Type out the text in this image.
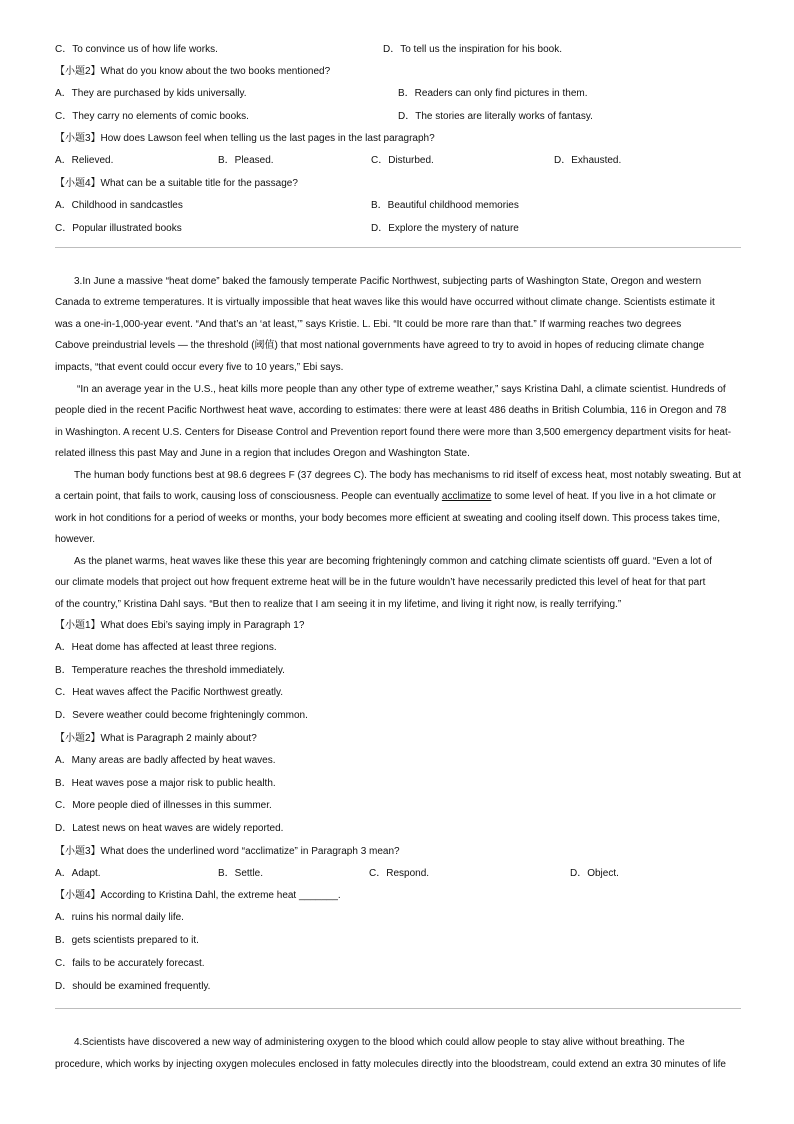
C．To convince us of how life works.	D．To tell us the inspiration for his book.
【小题2】What do you know about the two books mentioned?
A．They are purchased by kids universally.	B．Readers can only find pictures in them.
C．They carry no elements of comic books.	D．The stories are literally works of fantasy.
【小题3】How does Lawson feel when telling us the last pages in the last paragraph?
A．Relieved.	B．Pleased.	C．Disturbed.	D．Exhausted.
【小题4】What can be a suitable title for the passage?
A．Childhood in sandcastles	B．Beautiful childhood memories
C．Popular illustrated books	D．Explore the mystery of nature
3.In June a massive “heat dome” baked the famously temperate Pacific Northwest, subjecting parts of Washington State, Oregon and western
Canada to extreme temperatures. It is virtually impossible that heat waves like this would have occurred without climate change. Scientists estimate it
was a one-in-1,000-year event. “And that’s an ‘at least,’” says Kristie. L. Ebi. “It could be more rare than that.” If warming reaches two degrees
Cabove preindustrial levels — the threshold (阈值) that most national governments have agreed to try to avoid in hopes of reducing climate change
impacts, “that event could occur every five to 10 years,” Ebi says.
“In an average year in the U.S., heat kills more people than any other type of extreme weather,” says Kristina Dahl, a climate scientist. Hundreds of
people died in the recent Pacific Northwest heat wave, according to estimates: there were at least 486 deaths in British Columbia, 116 in Oregon and 78
in Washington. A recent U.S. Centers for Disease Control and Prevention report found there were more than 3,500 emergency department visits for heat-
related illness this past May and June in a region that includes Oregon and Washington State.
The human body functions best at 98.6 degrees F (37 degrees C). The body has mechanisms to rid itself of excess heat, most notably sweating. But at
a certain point, that fails to work, causing loss of consciousness. People can eventually acclimatize to some level of heat. If you live in a hot climate or
work in hot conditions for a period of weeks or months, your body becomes more efficient at sweating and cooling itself down. This process takes time,
however.
As the planet warms, heat waves like these this year are becoming frighteningly common and catching climate scientists off guard. “Even a lot of
our climate models that project out how frequent extreme heat will be in the future wouldn’t have necessarily predicted this level of heat for that part
of the country,” Kristina Dahl says. “But then to realize that I am seeing it in my lifetime, and living it right now, is really terrifying.”
【小题1】What does Ebi’s saying imply in Paragraph 1?
A．Heat dome has affected at least three regions.
B．Temperature reaches the threshold immediately.
C．Heat waves affect the Pacific Northwest greatly.
D．Severe weather could become frighteningly common.
【小题2】What is Paragraph 2 mainly about?
A．Many areas are badly affected by heat waves.
B．Heat waves pose a major risk to public health.
C．More people died of illnesses in this summer.
D．Latest news on heat waves are widely reported.
【小题3】What does the underlined word “acclimatize” in Paragraph 3 mean?
A．Adapt.	B．Settle.	C．Respond.	D．Object.
【小题4】According to Kristina Dahl, the extreme heat _______.
A．ruins his normal daily life.
B．gets scientists prepared to it.
C．fails to be accurately forecast.
D．should be examined frequently.
4.Scientists have discovered a new way of administering oxygen to the blood which could allow people to stay alive without breathing. The
procedure, which works by injecting oxygen molecules enclosed in fatty molecules directly into the bloodstream, could extend an extra 30 minutes of life
